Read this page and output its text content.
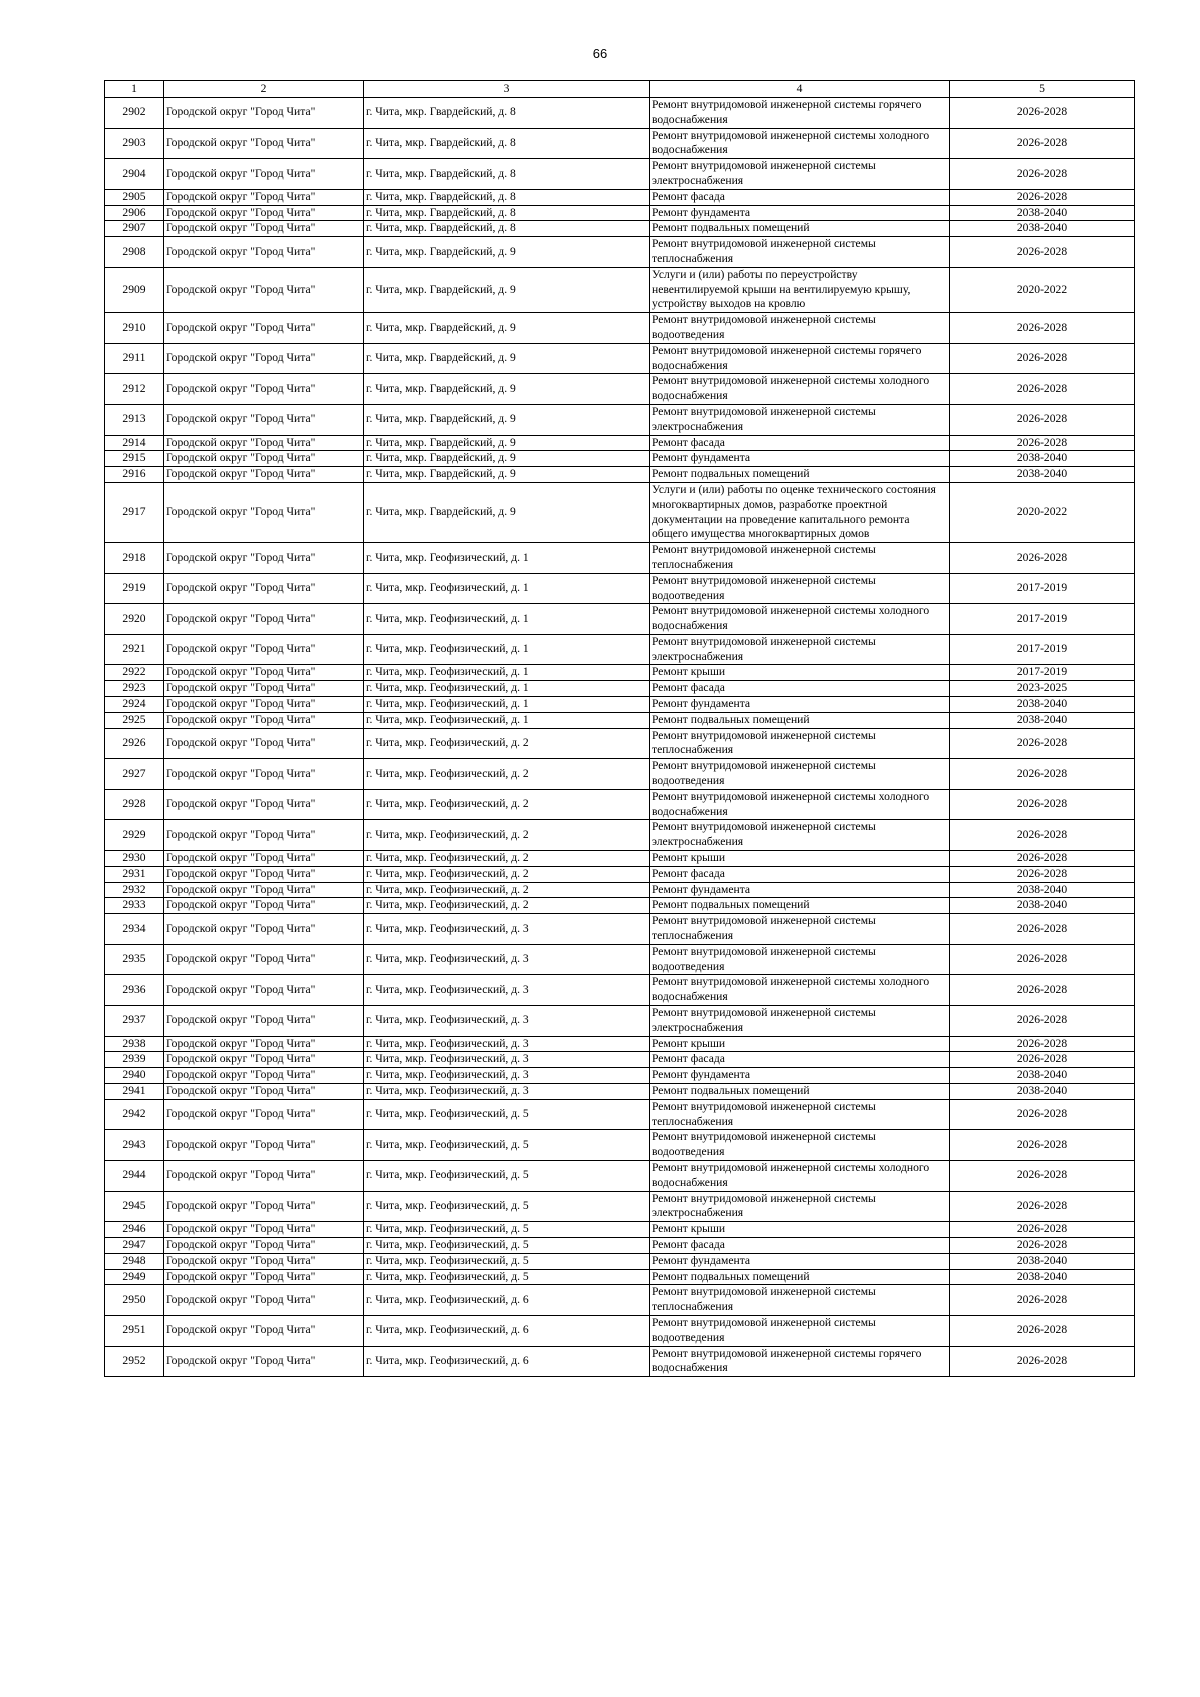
66
1	2	3	4	5
2902	Городской округ "Город Чита"	г. Чита, мкр. Гвардейский, д. 8	Ремонт внутридомовой инженерной системы горячего водоснабжения	2026-2028
2903	Городской округ "Город Чита"	г. Чита, мкр. Гвардейский, д. 8	Ремонт внутридомовой инженерной системы холодного водоснабжения	2026-2028
2904	Городской округ "Город Чита"	г. Чита, мкр. Гвардейский, д. 8	Ремонт внутридомовой инженерной системы электроснабжения	2026-2028
2905	Городской округ "Город Чита"	г. Чита, мкр. Гвардейский, д. 8	Ремонт фасада	2026-2028
2906	Городской округ "Город Чита"	г. Чита, мкр. Гвардейский, д. 8	Ремонт фундамента	2038-2040
2907	Городской округ "Город Чита"	г. Чита, мкр. Гвардейский, д. 8	Ремонт подвальных помещений	2038-2040
2908	Городской округ "Город Чита"	г. Чита, мкр. Гвардейский, д. 9	Ремонт внутридомовой инженерной системы теплоснабжения	2026-2028
2909	Городской округ "Город Чита"	г. Чита, мкр. Гвардейский, д. 9	Услуги и (или) работы по переустройству невентилируемой крыши на вентилируемую крышу, устройству выходов на кровлю	2020-2022
2910	Городской округ "Город Чита"	г. Чита, мкр. Гвардейский, д. 9	Ремонт внутридомовой инженерной системы водоотведения	2026-2028
2911	Городской округ "Город Чита"	г. Чита, мкр. Гвардейский, д. 9	Ремонт внутридомовой инженерной системы горячего водоснабжения	2026-2028
2912	Городской округ "Город Чита"	г. Чита, мкр. Гвардейский, д. 9	Ремонт внутридомовой инженерной системы холодного водоснабжения	2026-2028
2913	Городской округ "Город Чита"	г. Чита, мкр. Гвардейский, д. 9	Ремонт внутридомовой инженерной системы электроснабжения	2026-2028
2914	Городской округ "Город Чита"	г. Чита, мкр. Гвардейский, д. 9	Ремонт фасада	2026-2028
2915	Городской округ "Город Чита"	г. Чита, мкр. Гвардейский, д. 9	Ремонт фундамента	2038-2040
2916	Городской округ "Город Чита"	г. Чита, мкр. Гвардейский, д. 9	Ремонт подвальных помещений	2038-2040
2917	Городской округ "Город Чита"	г. Чита, мкр. Гвардейский, д. 9	Услуги и (или) работы по оценке технического состояния многоквартирных домов, разработке проектной документации на проведение капитального ремонта общего имущества многоквартирных домов	2020-2022
2918	Городской округ "Город Чита"	г. Чита, мкр. Геофизический, д. 1	Ремонт внутридомовой инженерной системы теплоснабжения	2026-2028
2919	Городской округ "Город Чита"	г. Чита, мкр. Геофизический, д. 1	Ремонт внутридомовой инженерной системы водоотведения	2017-2019
2920	Городской округ "Город Чита"	г. Чита, мкр. Геофизический, д. 1	Ремонт внутридомовой инженерной системы холодного водоснабжения	2017-2019
2921	Городской округ "Город Чита"	г. Чита, мкр. Геофизический, д. 1	Ремонт внутридомовой инженерной системы электроснабжения	2017-2019
2922	Городской округ "Город Чита"	г. Чита, мкр. Геофизический, д. 1	Ремонт крыши	2017-2019
2923	Городской округ "Город Чита"	г. Чита, мкр. Геофизический, д. 1	Ремонт фасада	2023-2025
2924	Городской округ "Город Чита"	г. Чита, мкр. Геофизический, д. 1	Ремонт фундамента	2038-2040
2925	Городской округ "Город Чита"	г. Чита, мкр. Геофизический, д. 1	Ремонт подвальных помещений	2038-2040
2926	Городской округ "Город Чита"	г. Чита, мкр. Геофизический, д. 2	Ремонт внутридомовой инженерной системы теплоснабжения	2026-2028
2927	Городской округ "Город Чита"	г. Чита, мкр. Геофизический, д. 2	Ремонт внутридомовой инженерной системы водоотведения	2026-2028
2928	Городской округ "Город Чита"	г. Чита, мкр. Геофизический, д. 2	Ремонт внутридомовой инженерной системы холодного водоснабжения	2026-2028
2929	Городской округ "Город Чита"	г. Чита, мкр. Геофизический, д. 2	Ремонт внутридомовой инженерной системы электроснабжения	2026-2028
2930	Городской округ "Город Чита"	г. Чита, мкр. Геофизический, д. 2	Ремонт крыши	2026-2028
2931	Городской округ "Город Чита"	г. Чита, мкр. Геофизический, д. 2	Ремонт фасада	2026-2028
2932	Городской округ "Город Чита"	г. Чита, мкр. Геофизический, д. 2	Ремонт фундамента	2038-2040
2933	Городской округ "Город Чита"	г. Чита, мкр. Геофизический, д. 2	Ремонт подвальных помещений	2038-2040
2934	Городской округ "Город Чита"	г. Чита, мкр. Геофизический, д. 3	Ремонт внутридомовой инженерной системы теплоснабжения	2026-2028
2935	Городской округ "Город Чита"	г. Чита, мкр. Геофизический, д. 3	Ремонт внутридомовой инженерной системы водоотведения	2026-2028
2936	Городской округ "Город Чита"	г. Чита, мкр. Геофизический, д. 3	Ремонт внутридомовой инженерной системы холодного водоснабжения	2026-2028
2937	Городской округ "Город Чита"	г. Чита, мкр. Геофизический, д. 3	Ремонт внутридомовой инженерной системы электроснабжения	2026-2028
2938	Городской округ "Город Чита"	г. Чита, мкр. Геофизический, д. 3	Ремонт крыши	2026-2028
2939	Городской округ "Город Чита"	г. Чита, мкр. Геофизический, д. 3	Ремонт фасада	2026-2028
2940	Городской округ "Город Чита"	г. Чита, мкр. Геофизический, д. 3	Ремонт фундамента	2038-2040
2941	Городской округ "Город Чита"	г. Чита, мкр. Геофизический, д. 3	Ремонт подвальных помещений	2038-2040
2942	Городской округ "Город Чита"	г. Чита, мкр. Геофизический, д. 5	Ремонт внутридомовой инженерной системы теплоснабжения	2026-2028
2943	Городской округ "Город Чита"	г. Чита, мкр. Геофизический, д. 5	Ремонт внутридомовой инженерной системы водоотведения	2026-2028
2944	Городской округ "Город Чита"	г. Чита, мкр. Геофизический, д. 5	Ремонт внутридомовой инженерной системы холодного водоснабжения	2026-2028
2945	Городской округ "Город Чита"	г. Чита, мкр. Геофизический, д. 5	Ремонт внутридомовой инженерной системы электроснабжения	2026-2028
2946	Городской округ "Город Чита"	г. Чита, мкр. Геофизический, д. 5	Ремонт крыши	2026-2028
2947	Городской округ "Город Чита"	г. Чита, мкр. Геофизический, д. 5	Ремонт фасада	2026-2028
2948	Городской округ "Город Чита"	г. Чита, мкр. Геофизический, д. 5	Ремонт фундамента	2038-2040
2949	Городской округ "Город Чита"	г. Чита, мкр. Геофизический, д. 5	Ремонт подвальных помещений	2038-2040
2950	Городской округ "Город Чита"	г. Чита, мкр. Геофизический, д. 6	Ремонт внутридомовой инженерной системы теплоснабжения	2026-2028
2951	Городской округ "Город Чита"	г. Чита, мкр. Геофизический, д. 6	Ремонт внутридомовой инженерной системы водоотведения	2026-2028
2952	Городской округ "Город Чита"	г. Чита, мкр. Геофизический, д. 6	Ремонт внутридомовой инженерной системы горячего водоснабжения	2026-2028
